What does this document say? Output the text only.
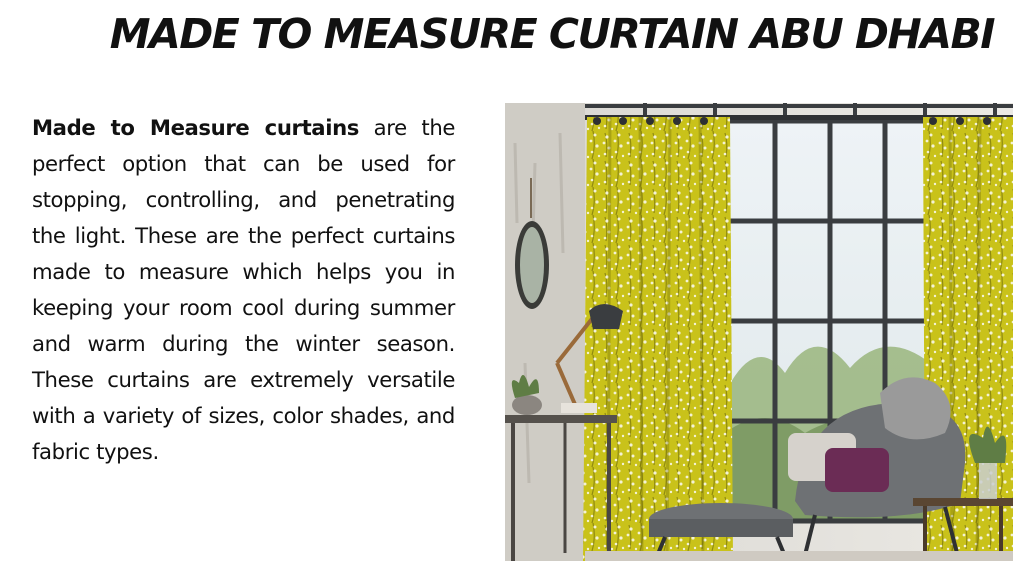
MADE TO MEASURE CURTAIN ABU DHABI

Made to Measure curtains are the perfect option that can be used for stopping, controlling, and penetrating the light. These are the perfect curtains made to measure which helps you in keeping your room cool during summer and warm during the winter season. These curtains are extremely versatile with a variety of sizes, color shades, and fabric types.
